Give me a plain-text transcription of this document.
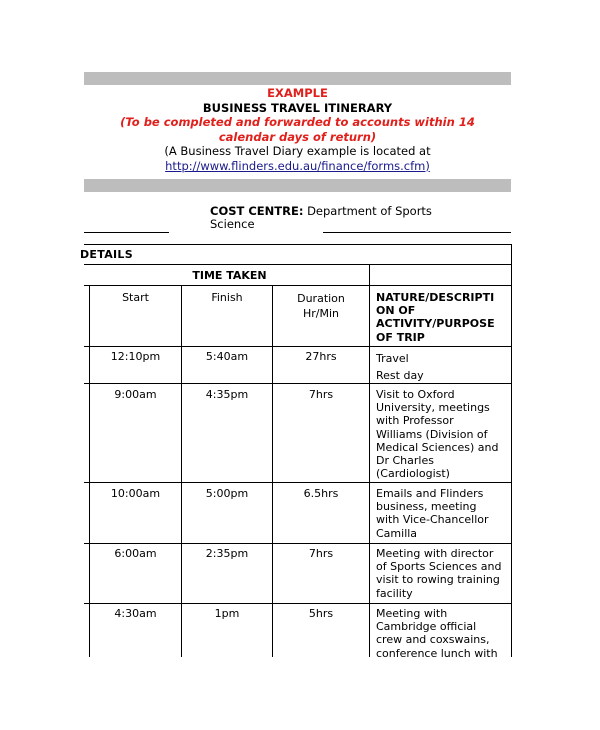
EXAMPLE
BUSINESS TRAVEL ITINERARY
(To be completed and forwarded to accounts within 14
calendar days of return)
(A Business Travel Diary example is located at
http://www.flinders.edu.au/finance/forms.cfm)
COST CENTRE: Department of Sports
Science
DETAILS
TIME TAKEN
Start	Finish	Duration
Hr/Min
NATURE/DESCRIPTI
ON OF
ACTIVITY/PURPOSE
OF TRIP
12:10pm	5:40am	27hrs	Travel
Rest day
9:00am	4:35pm	7hrs	Visit to Oxford
University, meetings
with Professor
Williams (Division of
Medical Sciences) and
Dr Charles
(Cardiologist)
10:00am	5:00pm	6.5hrs	Emails and Flinders
business, meeting
with Vice-Chancellor
Camilla
6:00am	2:35pm	7hrs	Meeting with director
of Sports Sciences and
visit to rowing training
facility
4:30am	1pm	5hrs	Meeting with
Cambridge official
crew and coxswains,
conference lunch with
